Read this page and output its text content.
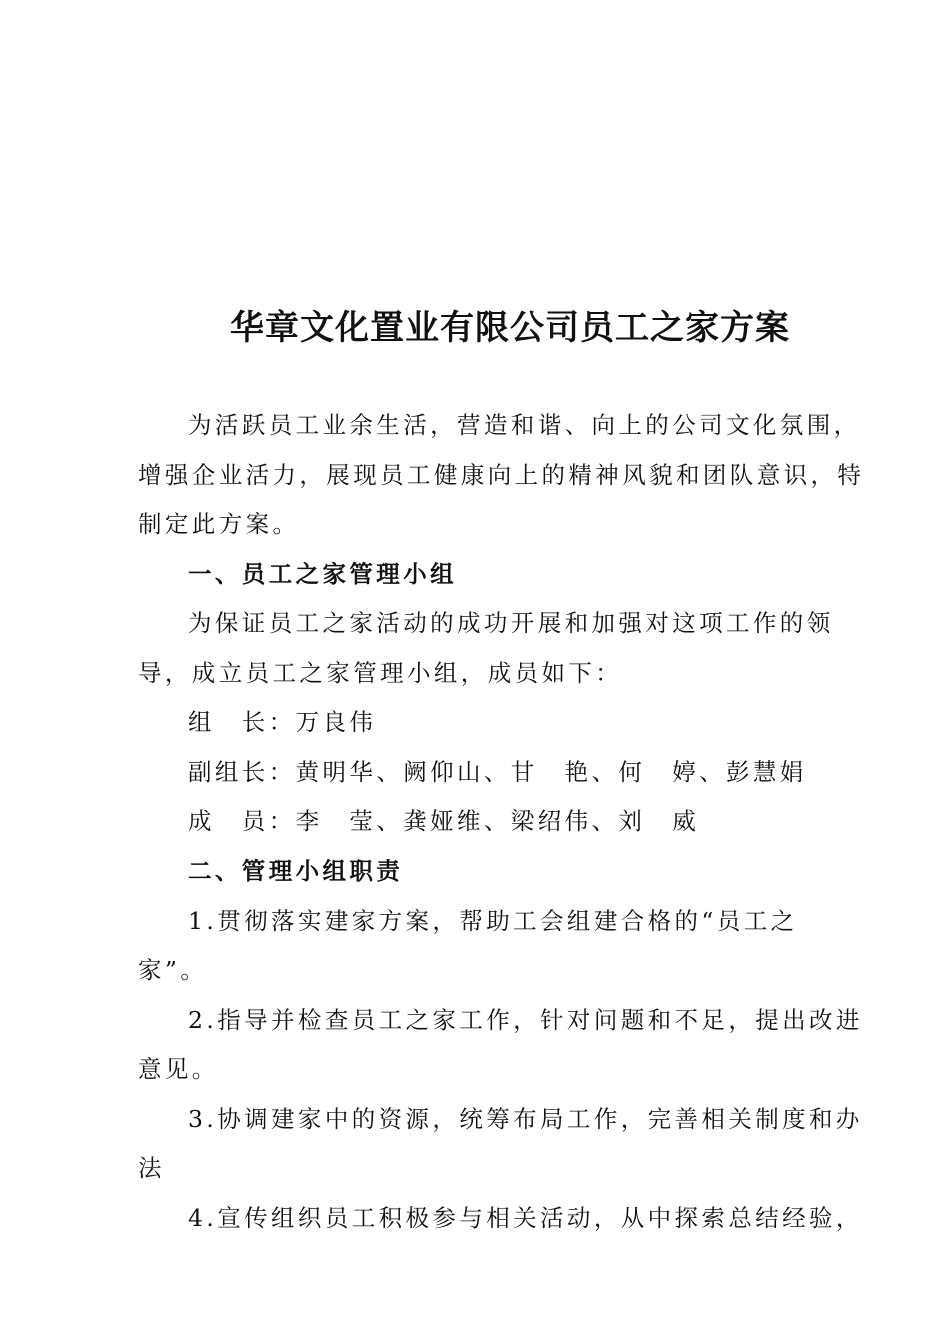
华章文化置业有限公司员工之家方案
为活跃员工业余生活，营造和谐、向上的公司文化氛围，
增强企业活力，展现员工健康向上的精神风貌和团队意识，特
制定此方案。
一、员工之家管理小组
为保证员工之家活动的成功开展和加强对这项工作的领
导，成立员工之家管理小组，成员如下：
组　长：万良伟
副组长：黄明华、阙仰山、甘　艳、何　婷、彭慧娟
成　员：李　莹、龚娅维、梁绍伟、刘　威
二、管理小组职责
1.贯彻落实建家方案，帮助工会组建合格的“员工之
家”。
2.指导并检查员工之家工作，针对问题和不足，提出改进
意见。
3.协调建家中的资源，统筹布局工作，完善相关制度和办
法
4.宣传组织员工积极参与相关活动，从中探索总结经验，
